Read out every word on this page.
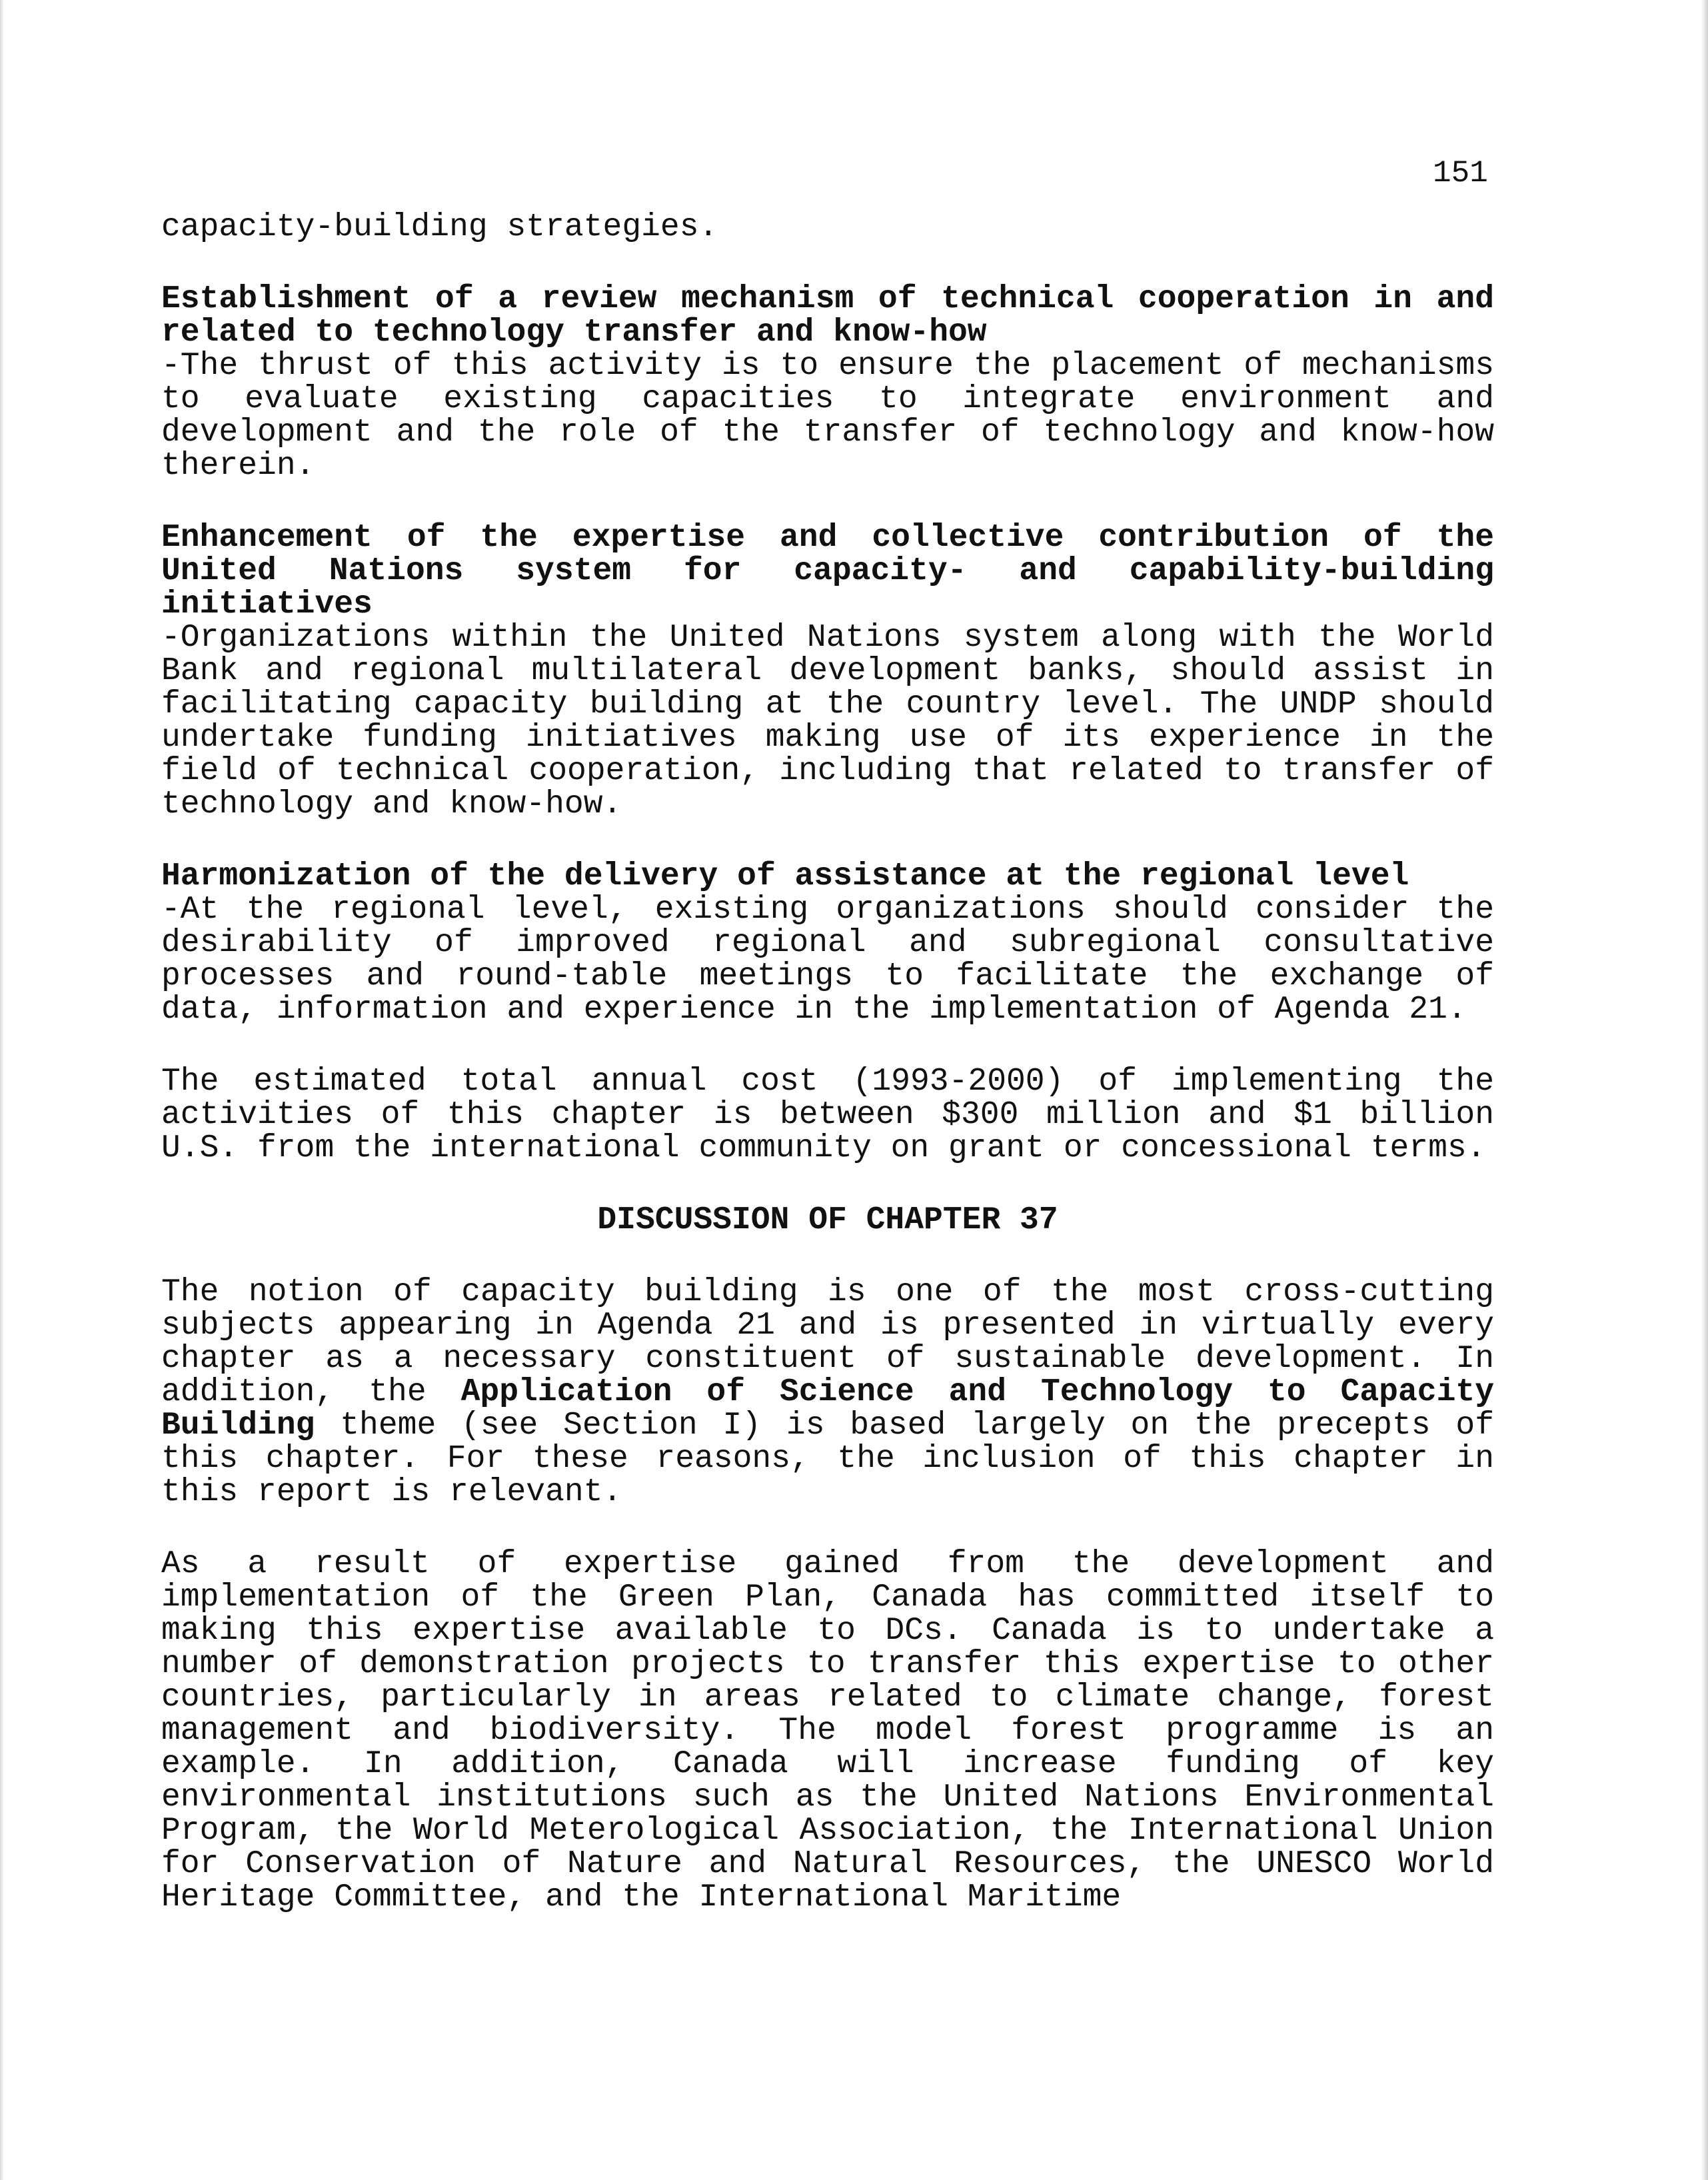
151

capacity-building strategies.

Establishment of a review mechanism of technical cooperation in and related to technology transfer and know-how
-The thrust of this activity is to ensure the placement of mechanisms to evaluate existing capacities to integrate environment and development and the role of the transfer of technology and know-how therein.
Enhancement of the expertise and collective contribution of the United Nations system for capacity- and capability-building initiatives
-Organizations within the United Nations system along with the World Bank and regional multilateral development banks, should assist in facilitating capacity building at the country level. The UNDP should undertake funding initiatives making use of its experience in the field of technical cooperation, including that related to transfer of technology and know-how.
Harmonization of the delivery of assistance at the regional level
-At the regional level, existing organizations should consider the desirability of improved regional and subregional consultative processes and round-table meetings to facilitate the exchange of data, information and experience in the implementation of Agenda 21.

The estimated total annual cost (1993-2000) of implementing the activities of this chapter is between $300 million and $1 billion U.S. from the international community on grant or concessional terms.

DISCUSSION OF CHAPTER 37

The notion of capacity building is one of the most cross-cutting subjects appearing in Agenda 21 and is presented in virtually every chapter as a necessary constituent of sustainable development. In addition, the Application of Science and Technology to Capacity Building theme (see Section I) is based largely on the precepts of this chapter. For these reasons, the inclusion of this chapter in this report is relevant.

As a result of expertise gained from the development and implementation of the Green Plan, Canada has committed itself to making this expertise available to DCs. Canada is to undertake a number of demonstration projects to transfer this expertise to other countries, particularly in areas related to climate change, forest management and biodiversity. The model forest programme is an example. In addition, Canada will increase funding of key environmental institutions such as the United Nations Environmental Program, the World Meterological Association, the International Union for Conservation of Nature and Natural Resources, the UNESCO World Heritage Committee, and the International Maritime
